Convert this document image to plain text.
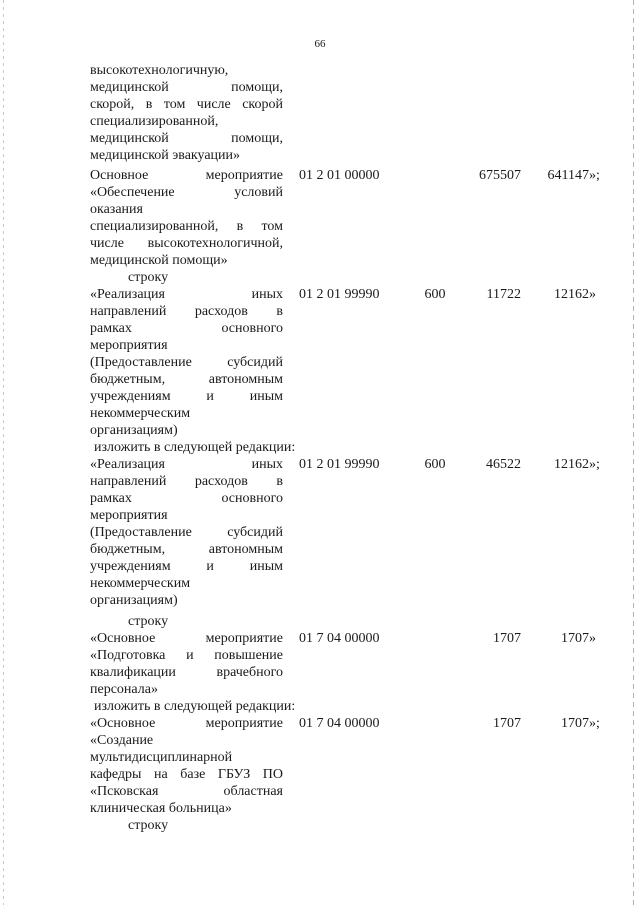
66
высокотехнологичную,
медицинской помощи,
скорой, в том числе скорой
специализированной,
медицинской помощи,
медицинской эвакуации»
Основное мероприятие
«Обеспечение условий
оказания
специализированной, в том
числе высокотехнологичной,
медицинской помощи»
01 2 01 00000	675507	641147»;
строку
«Реализация иных
направлений расходов в
рамках основного
мероприятия
(Предоставление субсидий
бюджетным, автономным
учреждениям и иным
некоммерческим
организациям)
01 2 01 99990	600	11722	12162»
изложить в следующей редакции:
«Реализация иных
направлений расходов в
рамках основного
мероприятия
(Предоставление субсидий
бюджетным, автономным
учреждениям и иным
некоммерческим
организациям)
01 2 01 99990	600	46522	12162»;
строку
«Основное мероприятие
«Подготовка и повышение
квалификации врачебного
персонала»
01 7 04 00000	1707	1707»
изложить в следующей редакции:
«Основное мероприятие
«Создание
мультидисциплинарной
кафедры на базе ГБУЗ ПО
«Псковская областная
клиническая больница»
01 7 04 00000	1707	1707»;
строку
